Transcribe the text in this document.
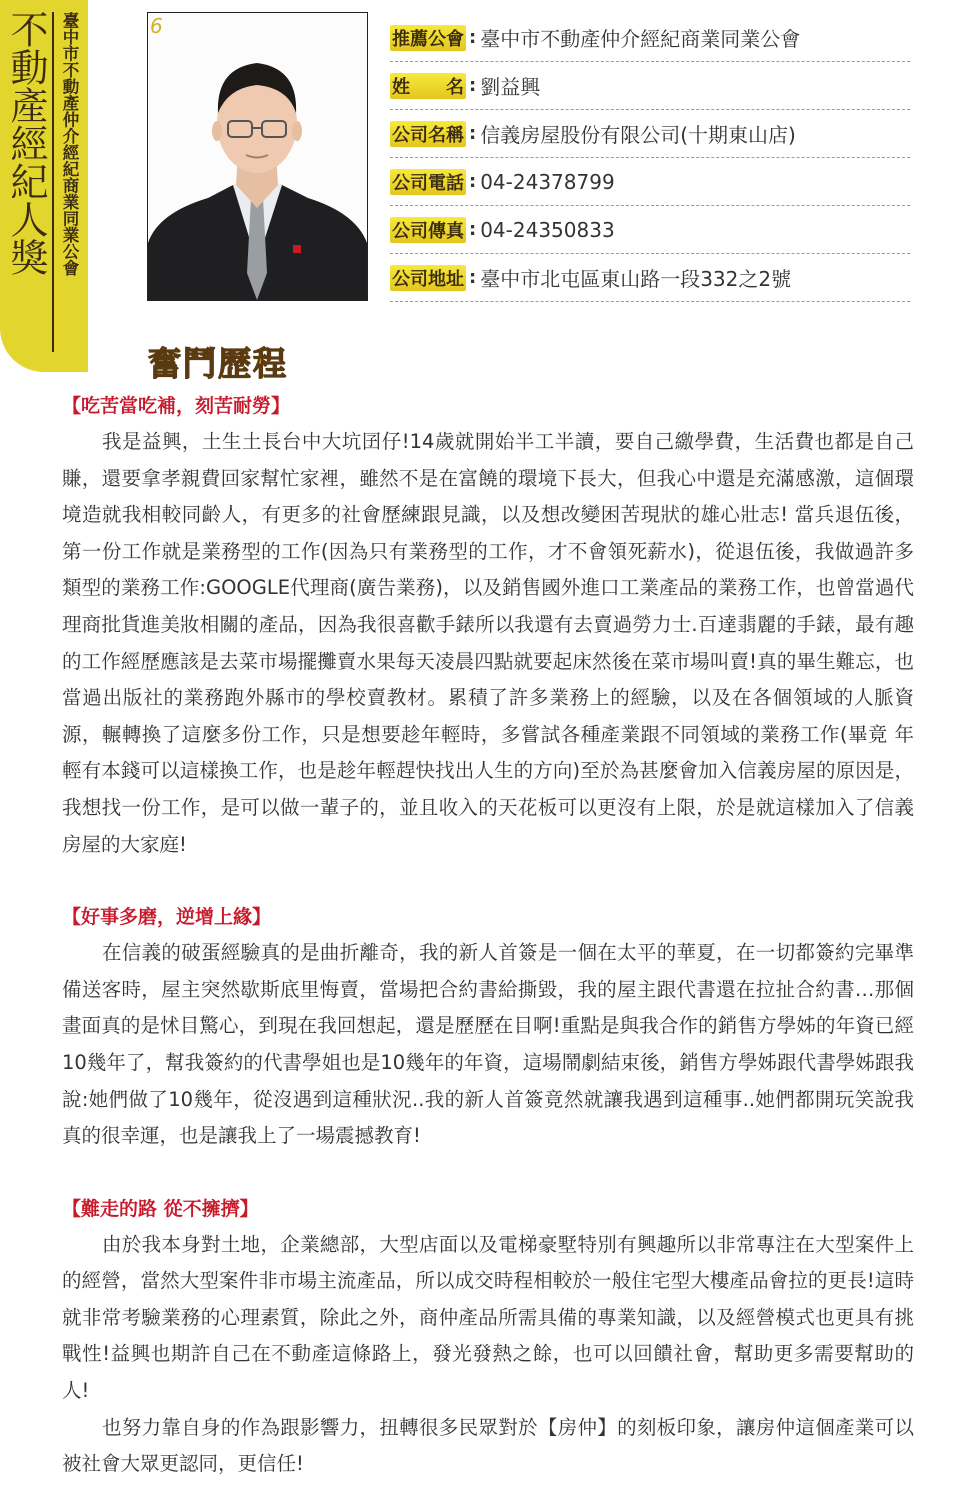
不動產經紀人獎 臺中市不動產仲介經紀商業同業公會	6
推薦公會 : 臺中市不動產仲介經紀商業同業公會
姓　　名 : 劉益興
公司名稱 : 信義房屋股份有限公司(十期東山店)
公司電話 : 04-24378799
公司傳真 : 04-24350833
公司地址 : 臺中市北屯區東山路一段332之2號
奮鬥歷程
【吃苦當吃補，刻苦耐勞】

我是益興，土生土長台中大坑囝仔!14歲就開始半工半讀，要自己繳學費，生活費也都是自己賺，還要拿孝親費回家幫忙家裡，雖然不是在富饒的環境下長大，但我心中還是充滿感激，這個環境造就我相較同齡人，有更多的社會歷練跟見識，以及想改變困苦現狀的雄心壯志! 當兵退伍後，第一份工作就是業務型的工作(因為只有業務型的工作，才不會領死薪水)，從退伍後，我做過許多類型的業務工作:GOOGLE代理商(廣告業務)，以及銷售國外進口工業產品的業務工作，也曾當過代理商批貨進美妝相關的產品，因為我很喜歡手錶所以我還有去賣過勞力士.百達翡麗的手錶，最有趣的工作經歷應該是去菜市場擺攤賣水果每天凌晨四點就要起床然後在菜市場叫賣!真的畢生難忘，也當過出版社的業務跑外縣市的學校賣教材。累積了許多業務上的經驗，以及在各個領域的人脈資源，輾轉換了這麼多份工作，只是想要趁年輕時，多嘗試各種產業跟不同領域的業務工作(畢竟 年輕有本錢可以這樣換工作，也是趁年輕趕快找出人生的方向)至於為甚麼會加入信義房屋的原因是，我想找一份工作，是可以做一輩子的，並且收入的天花板可以更沒有上限，於是就這樣加入了信義房屋的大家庭!

【好事多磨，逆增上緣】

在信義的破蛋經驗真的是曲折離奇，我的新人首簽是一個在太平的華夏，在一切都簽約完畢準備送客時，屋主突然歇斯底里悔賣，當場把合約書給撕毀，我的屋主跟代書還在拉扯合約書…那個畫面真的是怵目驚心，到現在我回想起，還是歷歷在目啊!重點是與我合作的銷售方學姊的年資已經10幾年了，幫我簽約的代書學姐也是10幾年的年資，這場鬧劇結束後，銷售方學姊跟代書學姊跟我說:她們做了10幾年，從沒遇到這種狀況..我的新人首簽竟然就讓我遇到這種事..她們都開玩笑說我真的很幸運，也是讓我上了一場震撼教育!

【難走的路 從不擁擠】

由於我本身對土地，企業總部，大型店面以及電梯豪墅特別有興趣所以非常專注在大型案件上的經營，當然大型案件非市場主流產品，所以成交時程相較於一般住宅型大樓產品會拉的更長!這時就非常考驗業務的心理素質，除此之外，商仲產品所需具備的專業知識，以及經營模式也更具有挑戰性!益興也期許自己在不動產這條路上，發光發熱之餘，也可以回饋社會，幫助更多需要幫助的人!

也努力靠自身的作為跟影響力，扭轉很多民眾對於【房仲】的刻板印象，讓房仲這個產業可以被社會大眾更認同，更信任!
